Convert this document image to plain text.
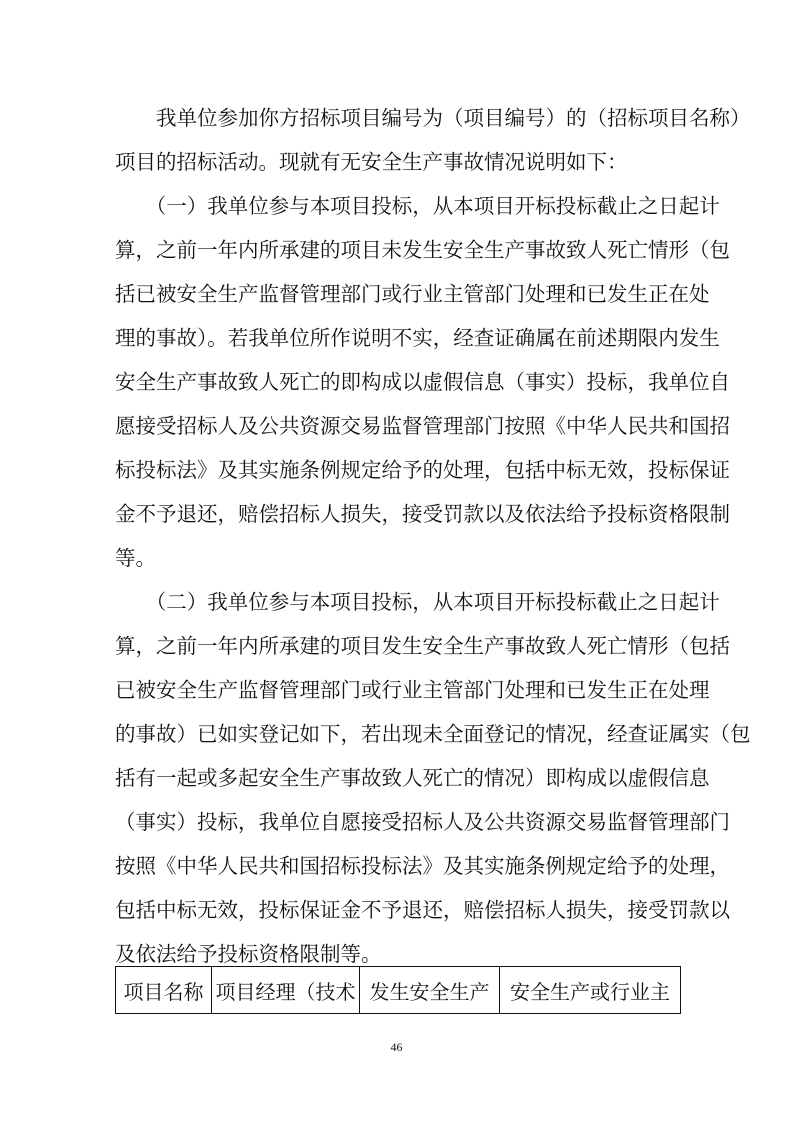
　　我单位参加你方招标项目编号为（项目编号）的（招标项目名称）
项目的招标活动。现就有无安全生产事故情况说明如下：
　　（一）我单位参与本项目投标，从本项目开标投标截止之日起计
算，之前一年内所承建的项目未发生安全生产事故致人死亡情形（包
括已被安全生产监督管理部门或行业主管部门处理和已发生正在处
理的事故）。若我单位所作说明不实，经查证确属在前述期限内发生
安全生产事故致人死亡的即构成以虚假信息（事实）投标，我单位自
愿接受招标人及公共资源交易监督管理部门按照《中华人民共和国招
标投标法》及其实施条例规定给予的处理，包括中标无效，投标保证
金不予退还，赔偿招标人损失，接受罚款以及依法给予投标资格限制
等。
　　（二）我单位参与本项目投标，从本项目开标投标截止之日起计
算，之前一年内所承建的项目发生安全生产事故致人死亡情形（包括
已被安全生产监督管理部门或行业主管部门处理和已发生正在处理
的事故）已如实登记如下，若出现未全面登记的情况，经查证属实（包
括有一起或多起安全生产事故致人死亡的情况）即构成以虚假信息
（事实）投标，我单位自愿接受招标人及公共资源交易监督管理部门
按照《中华人民共和国招标投标法》及其实施条例规定给予的处理，
包括中标无效，投标保证金不予退还，赔偿招标人损失，接受罚款以
及依法给予投标资格限制等。
项目名称 项目经理（技术 发生安全生产	安全生产或行业主
46
